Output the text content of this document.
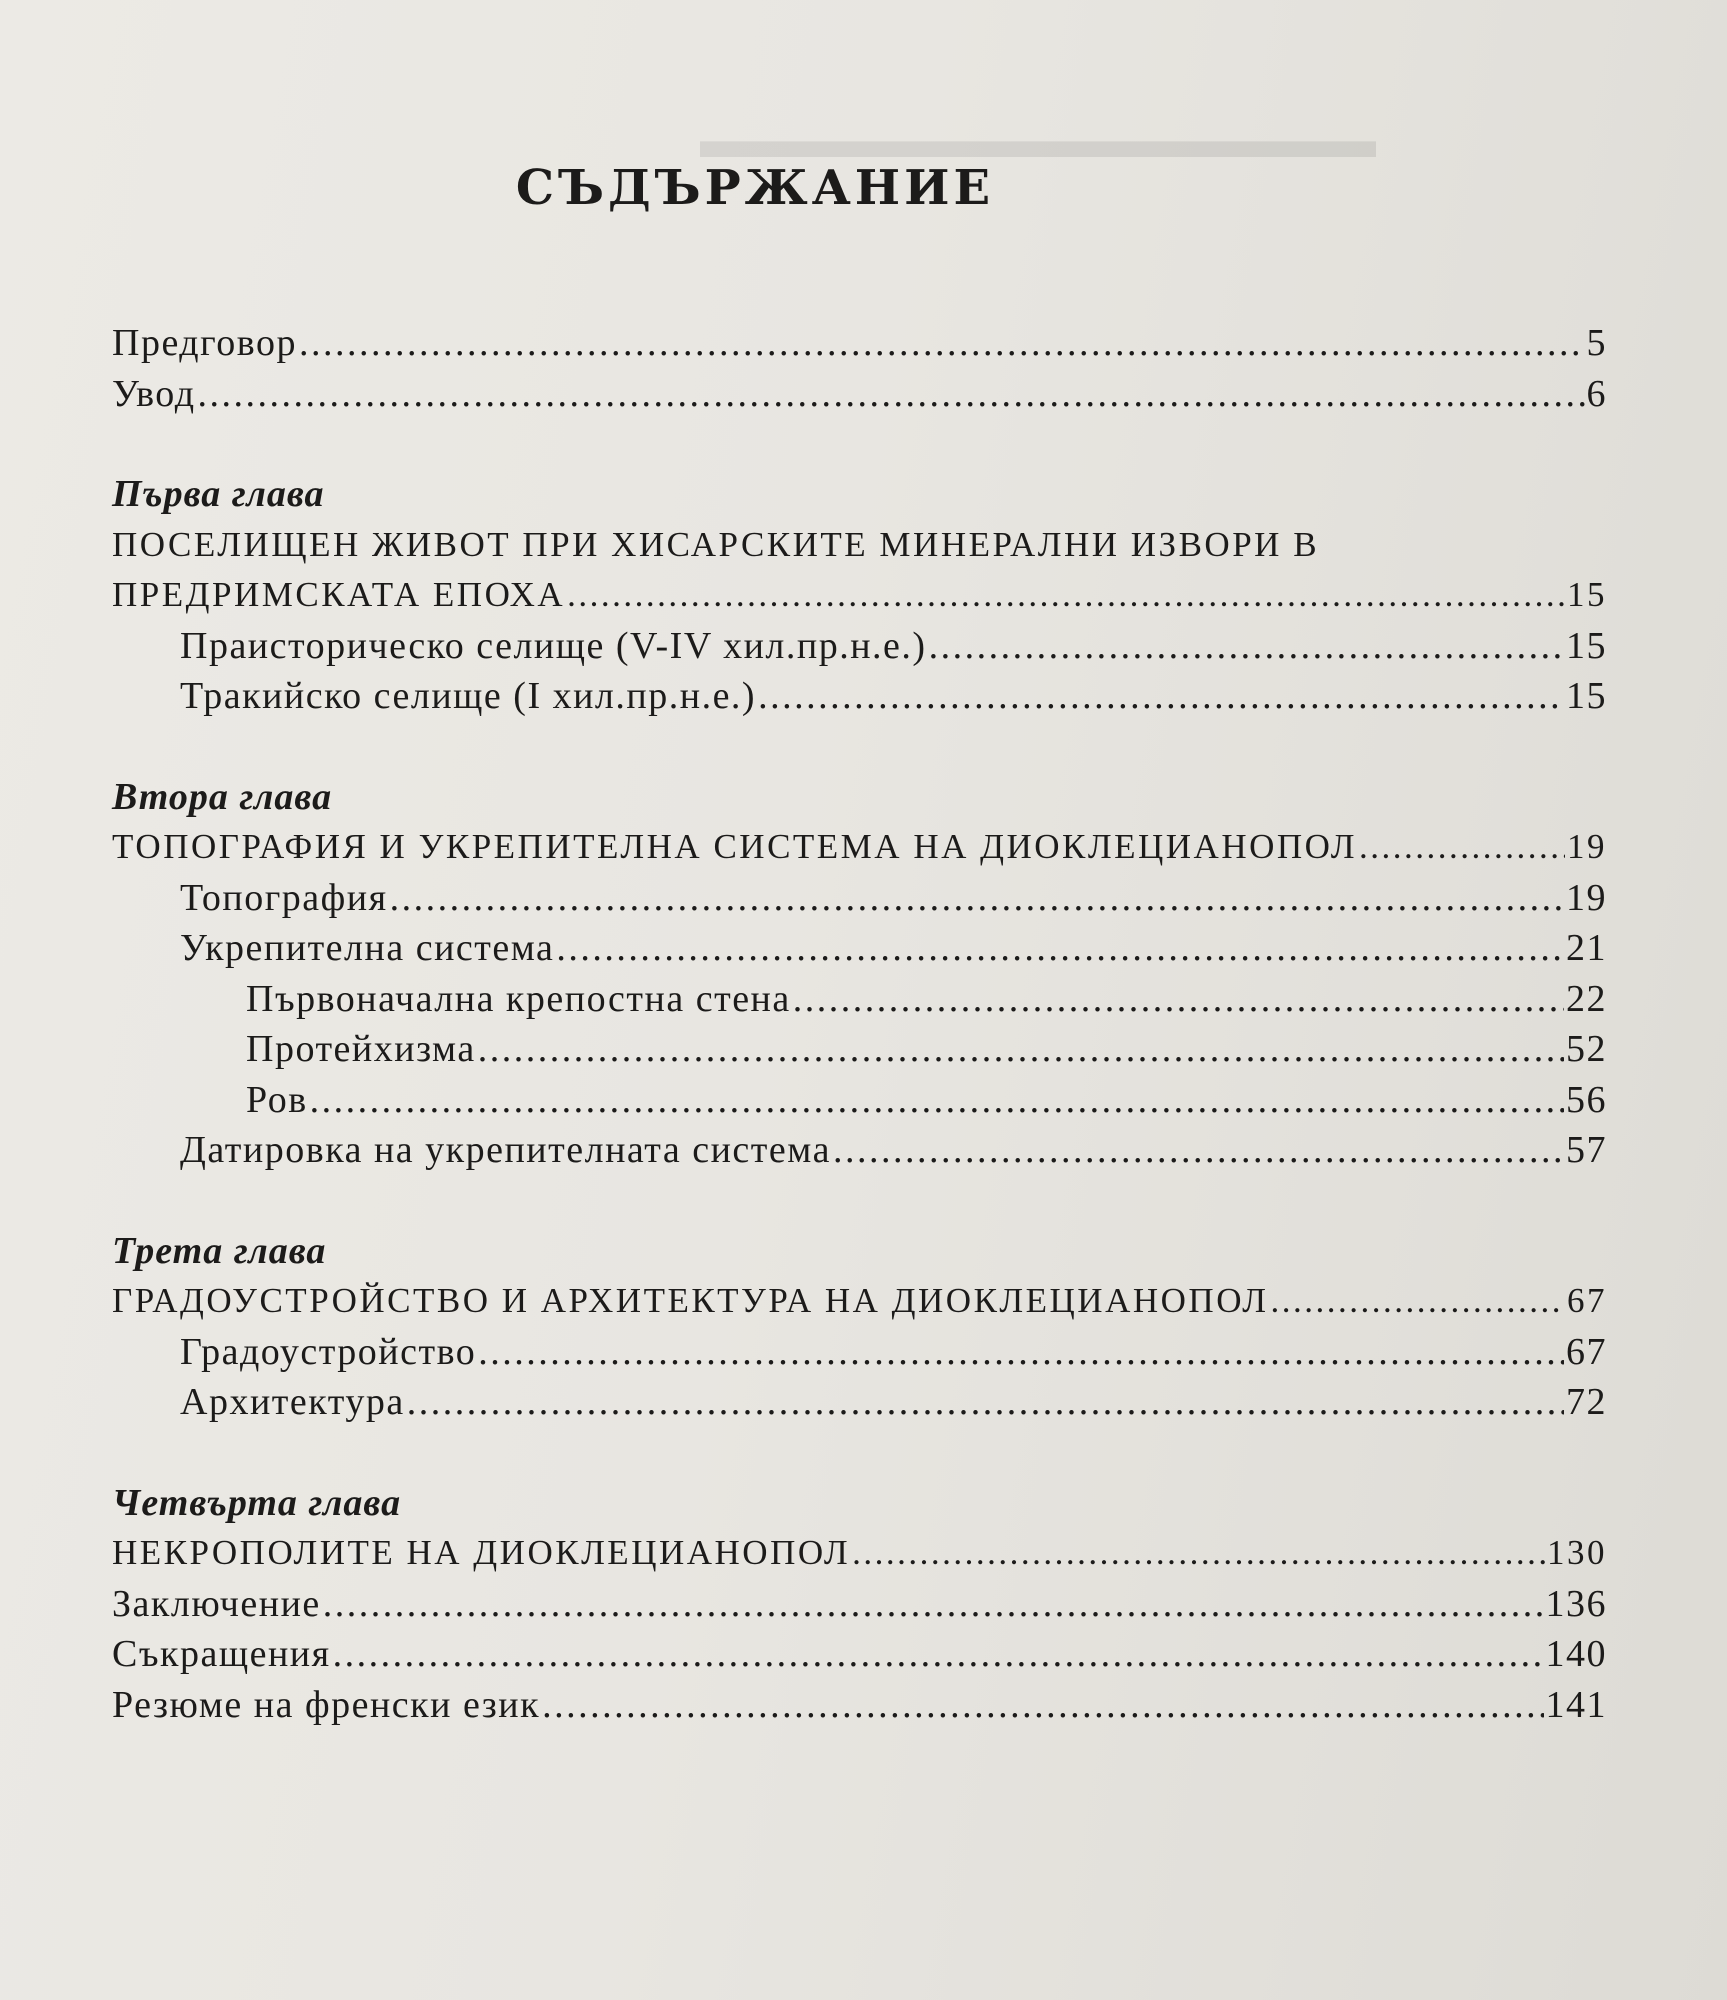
▬▬▬▬▬▬▬▬▬▬▬▬▬
СЪДЪРЖАНИЕ
Предговор .....	5
Увод .....	6
Първа глава
ПОСЕЛИЩЕН ЖИВОТ ПРИ ХИСАРСКИТЕ МИНЕРАЛНИ ИЗВОРИ В
ПРЕДРИМСКАТА ЕПОХА .....	15
Праисторическо селище (V-IV хил.пр.н.е.) .....	15
Тракийско селище (I хил.пр.н.е.) .....	15
Втора глава
ТОПОГРАФИЯ И УКРЕПИТЕЛНА СИСТЕМА НА ДИОКЛЕЦИАНОПОЛ .....	19
Топография .....	19
Укрепителна система .....	21
Първоначална крепостна стена .....	22
Протейхизма .....	52
Ров .....	56
Датировка на укрепителната система .....	57
Трета глава
ГРАДОУСТРОЙСТВО И АРХИТЕКТУРА НА ДИОКЛЕЦИАНОПОЛ .....	67
Градоустройство .....	67
Архитектура .....	72
Четвърта глава
НЕКРОПОЛИТЕ НА ДИОКЛЕЦИАНОПОЛ .....	130
Заключение .....	136
Съкращения .....	140
Резюме на френски език .....	141
